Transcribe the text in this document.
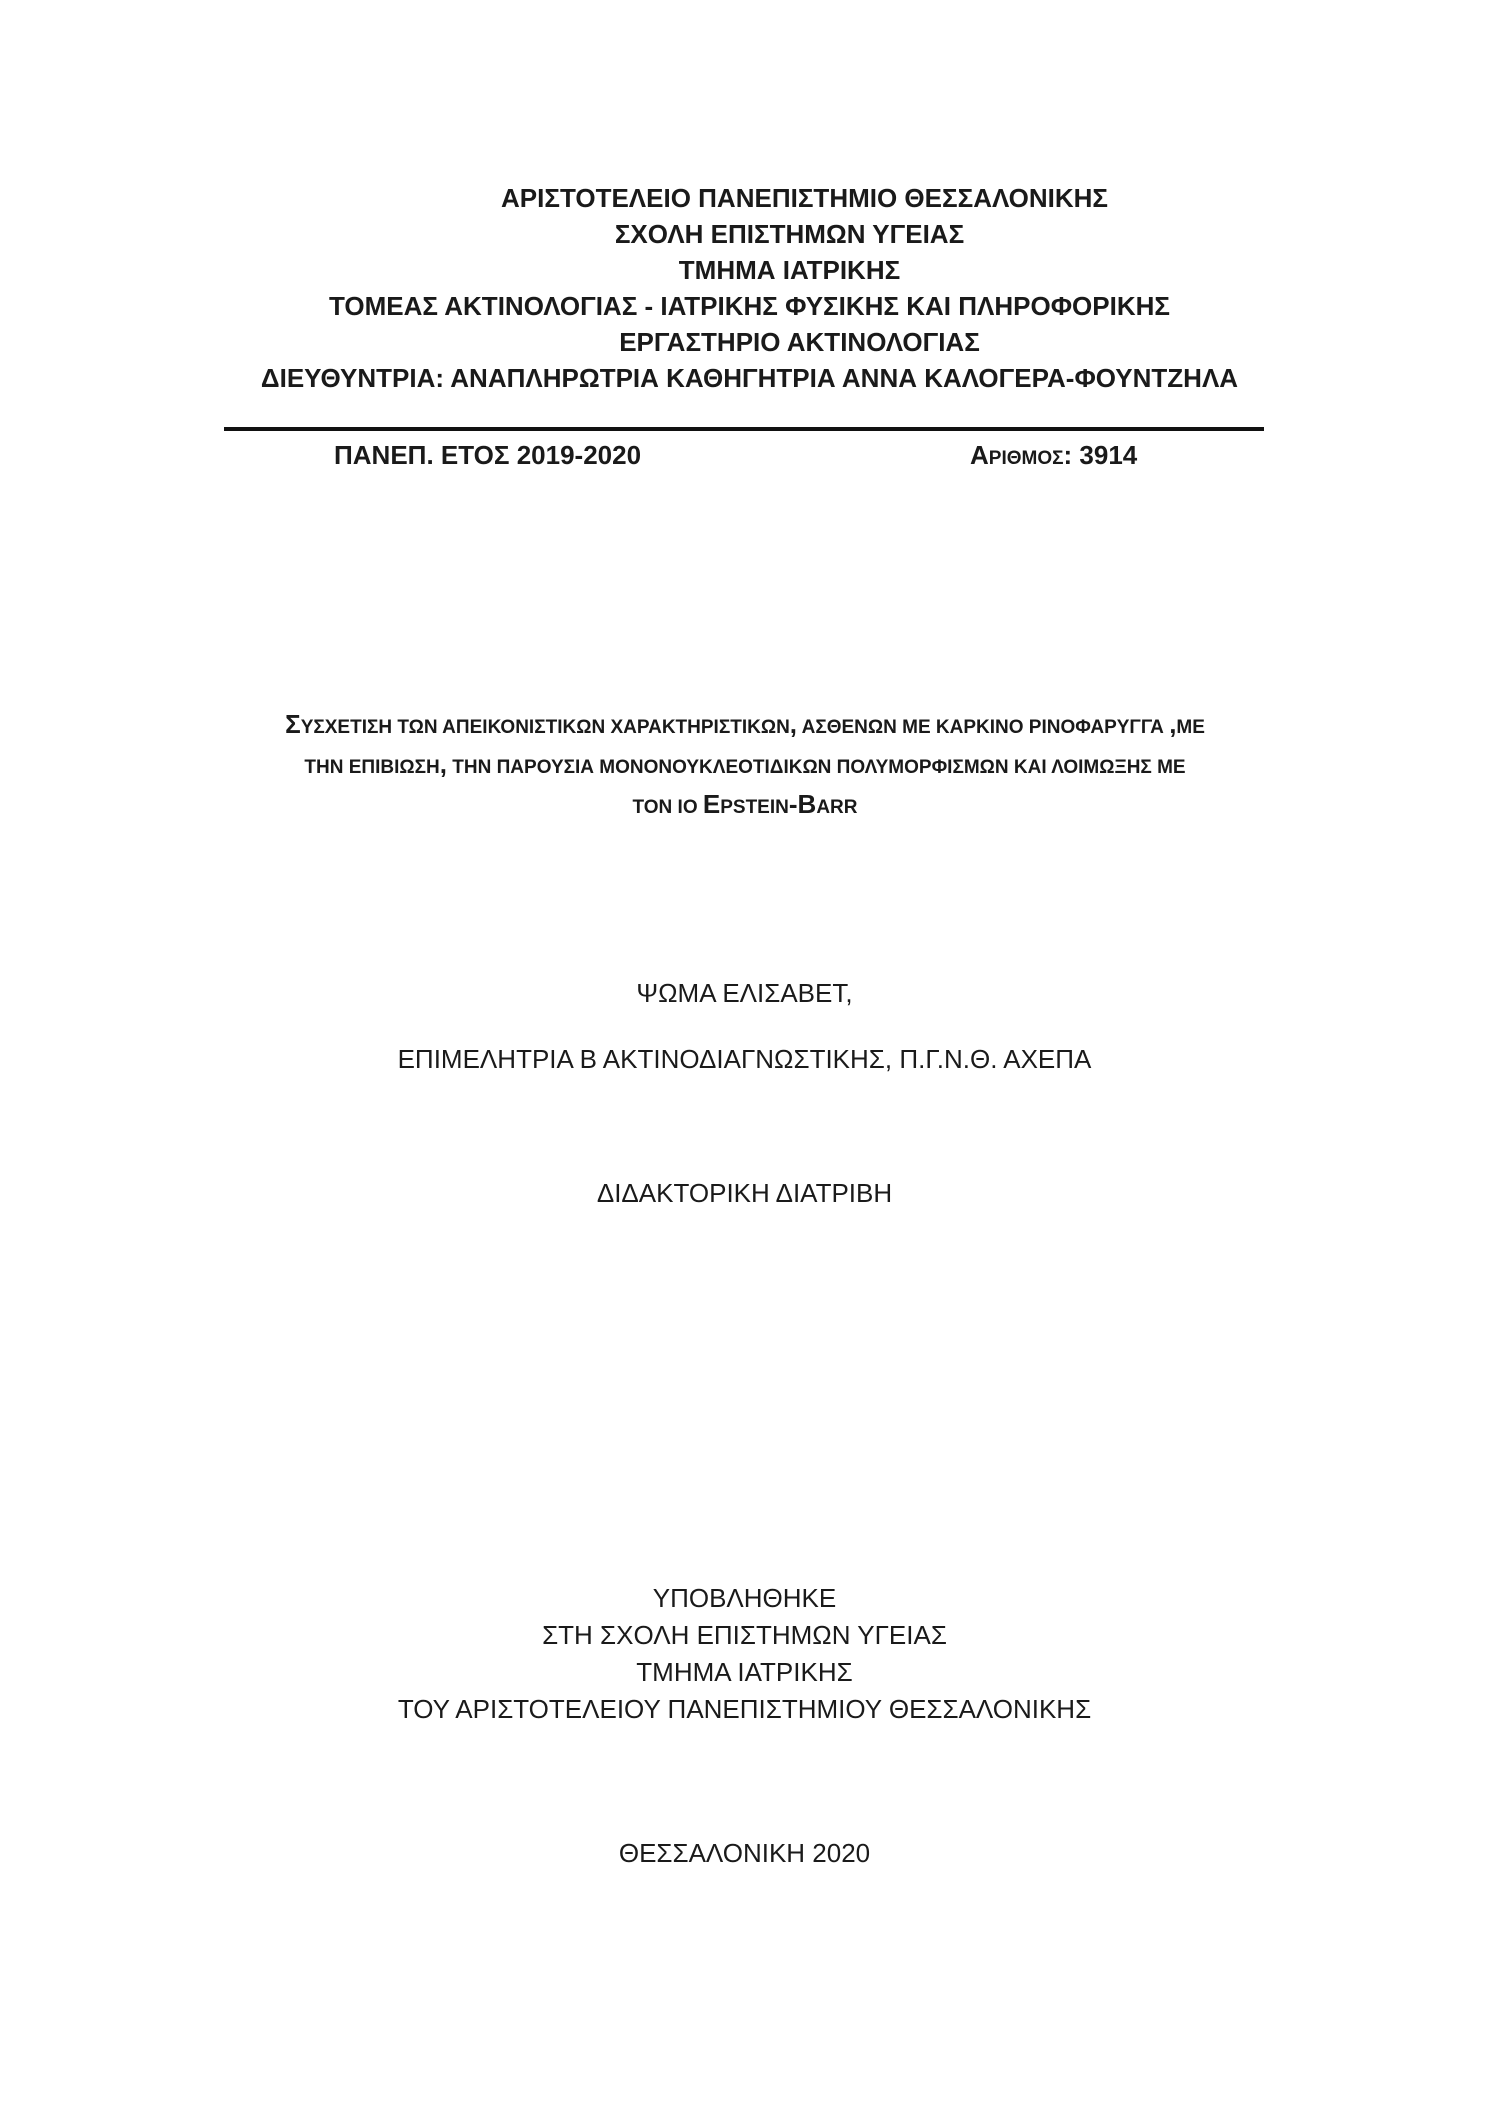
ΑΡΙΣΤΟΤΕΛΕΙΟ ΠΑΝΕΠΙΣΤΗΜΙΟ ΘΕΣΣΑΛΟΝΙΚΗΣ
ΣΧΟΛΗ ΕΠΙΣΤΗΜΩΝ ΥΓΕΙΑΣ
ΤΜΗΜΑ ΙΑΤΡΙΚΗΣ
ΤΟΜΕΑΣ ΑΚΤΙΝΟΛΟΓΙΑΣ - ΙΑΤΡΙΚΗΣ ΦΥΣΙΚΗΣ ΚΑΙ ΠΛΗΡΟΦΟΡΙΚΗΣ
ΕΡΓΑΣΤΗΡΙΟ ΑΚΤΙΝΟΛΟΓΙΑΣ
ΔΙΕΥΘΥΝΤΡΙΑ: ΑΝΑΠΛΗΡΩΤΡΙΑ ΚΑΘΗΓΗΤΡΙΑ ΑΝΝΑ ΚΑΛΟΓΕΡΑ-ΦΟΥΝΤΖΗΛΑ
ΠΑΝΕΠ. ΕΤΟΣ 2019-2020	ΑΡΙΘΜΟΣ: 3914
ΣΥΣΧΕΤΙΣΗ ΤΩΝ ΑΠΕΙΚΟΝΙΣΤΙΚΩΝ ΧΑΡΑΚΤΗΡΙΣΤΙΚΩΝ, ΑΣΘΕΝΩΝ ΜΕ ΚΑΡΚΙΝΟ ΡΙΝΟΦΑΡΥΓΓΑ ,ΜΕ
ΤΗΝ ΕΠΙΒΙΩΣΗ, ΤΗΝ ΠΑΡΟΥΣΙΑ ΜΟΝΟΝΟΥΚΛΕΟΤΙΔΙΚΩΝ ΠΟΛΥΜΟΡΦΙΣΜΩΝ ΚΑΙ ΛΟΙΜΩΞΗΣ ΜΕ
ΤΟΝ ΙΟ EPSTEIN-BARR
ΨΩΜΑ ΕΛΙΣΑΒΕΤ,
ΕΠΙΜΕΛΗΤΡΙΑ Β ΑΚΤΙΝΟΔΙΑΓΝΩΣΤΙΚΗΣ, Π.Γ.Ν.Θ. ΑΧΕΠΑ
ΔΙΔΑΚΤΟΡΙΚΗ ΔΙΑΤΡΙΒΗ
ΥΠΟΒΛΗΘΗΚΕ
ΣΤΗ ΣΧΟΛΗ ΕΠΙΣΤΗΜΩΝ ΥΓΕΙΑΣ
ΤΜΗΜΑ ΙΑΤΡΙΚΗΣ
ΤΟΥ ΑΡΙΣΤΟΤΕΛΕΙΟΥ ΠΑΝΕΠΙΣΤΗΜΙΟΥ ΘΕΣΣΑΛΟΝΙΚΗΣ
ΘΕΣΣΑΛΟΝΙΚΗ 2020
